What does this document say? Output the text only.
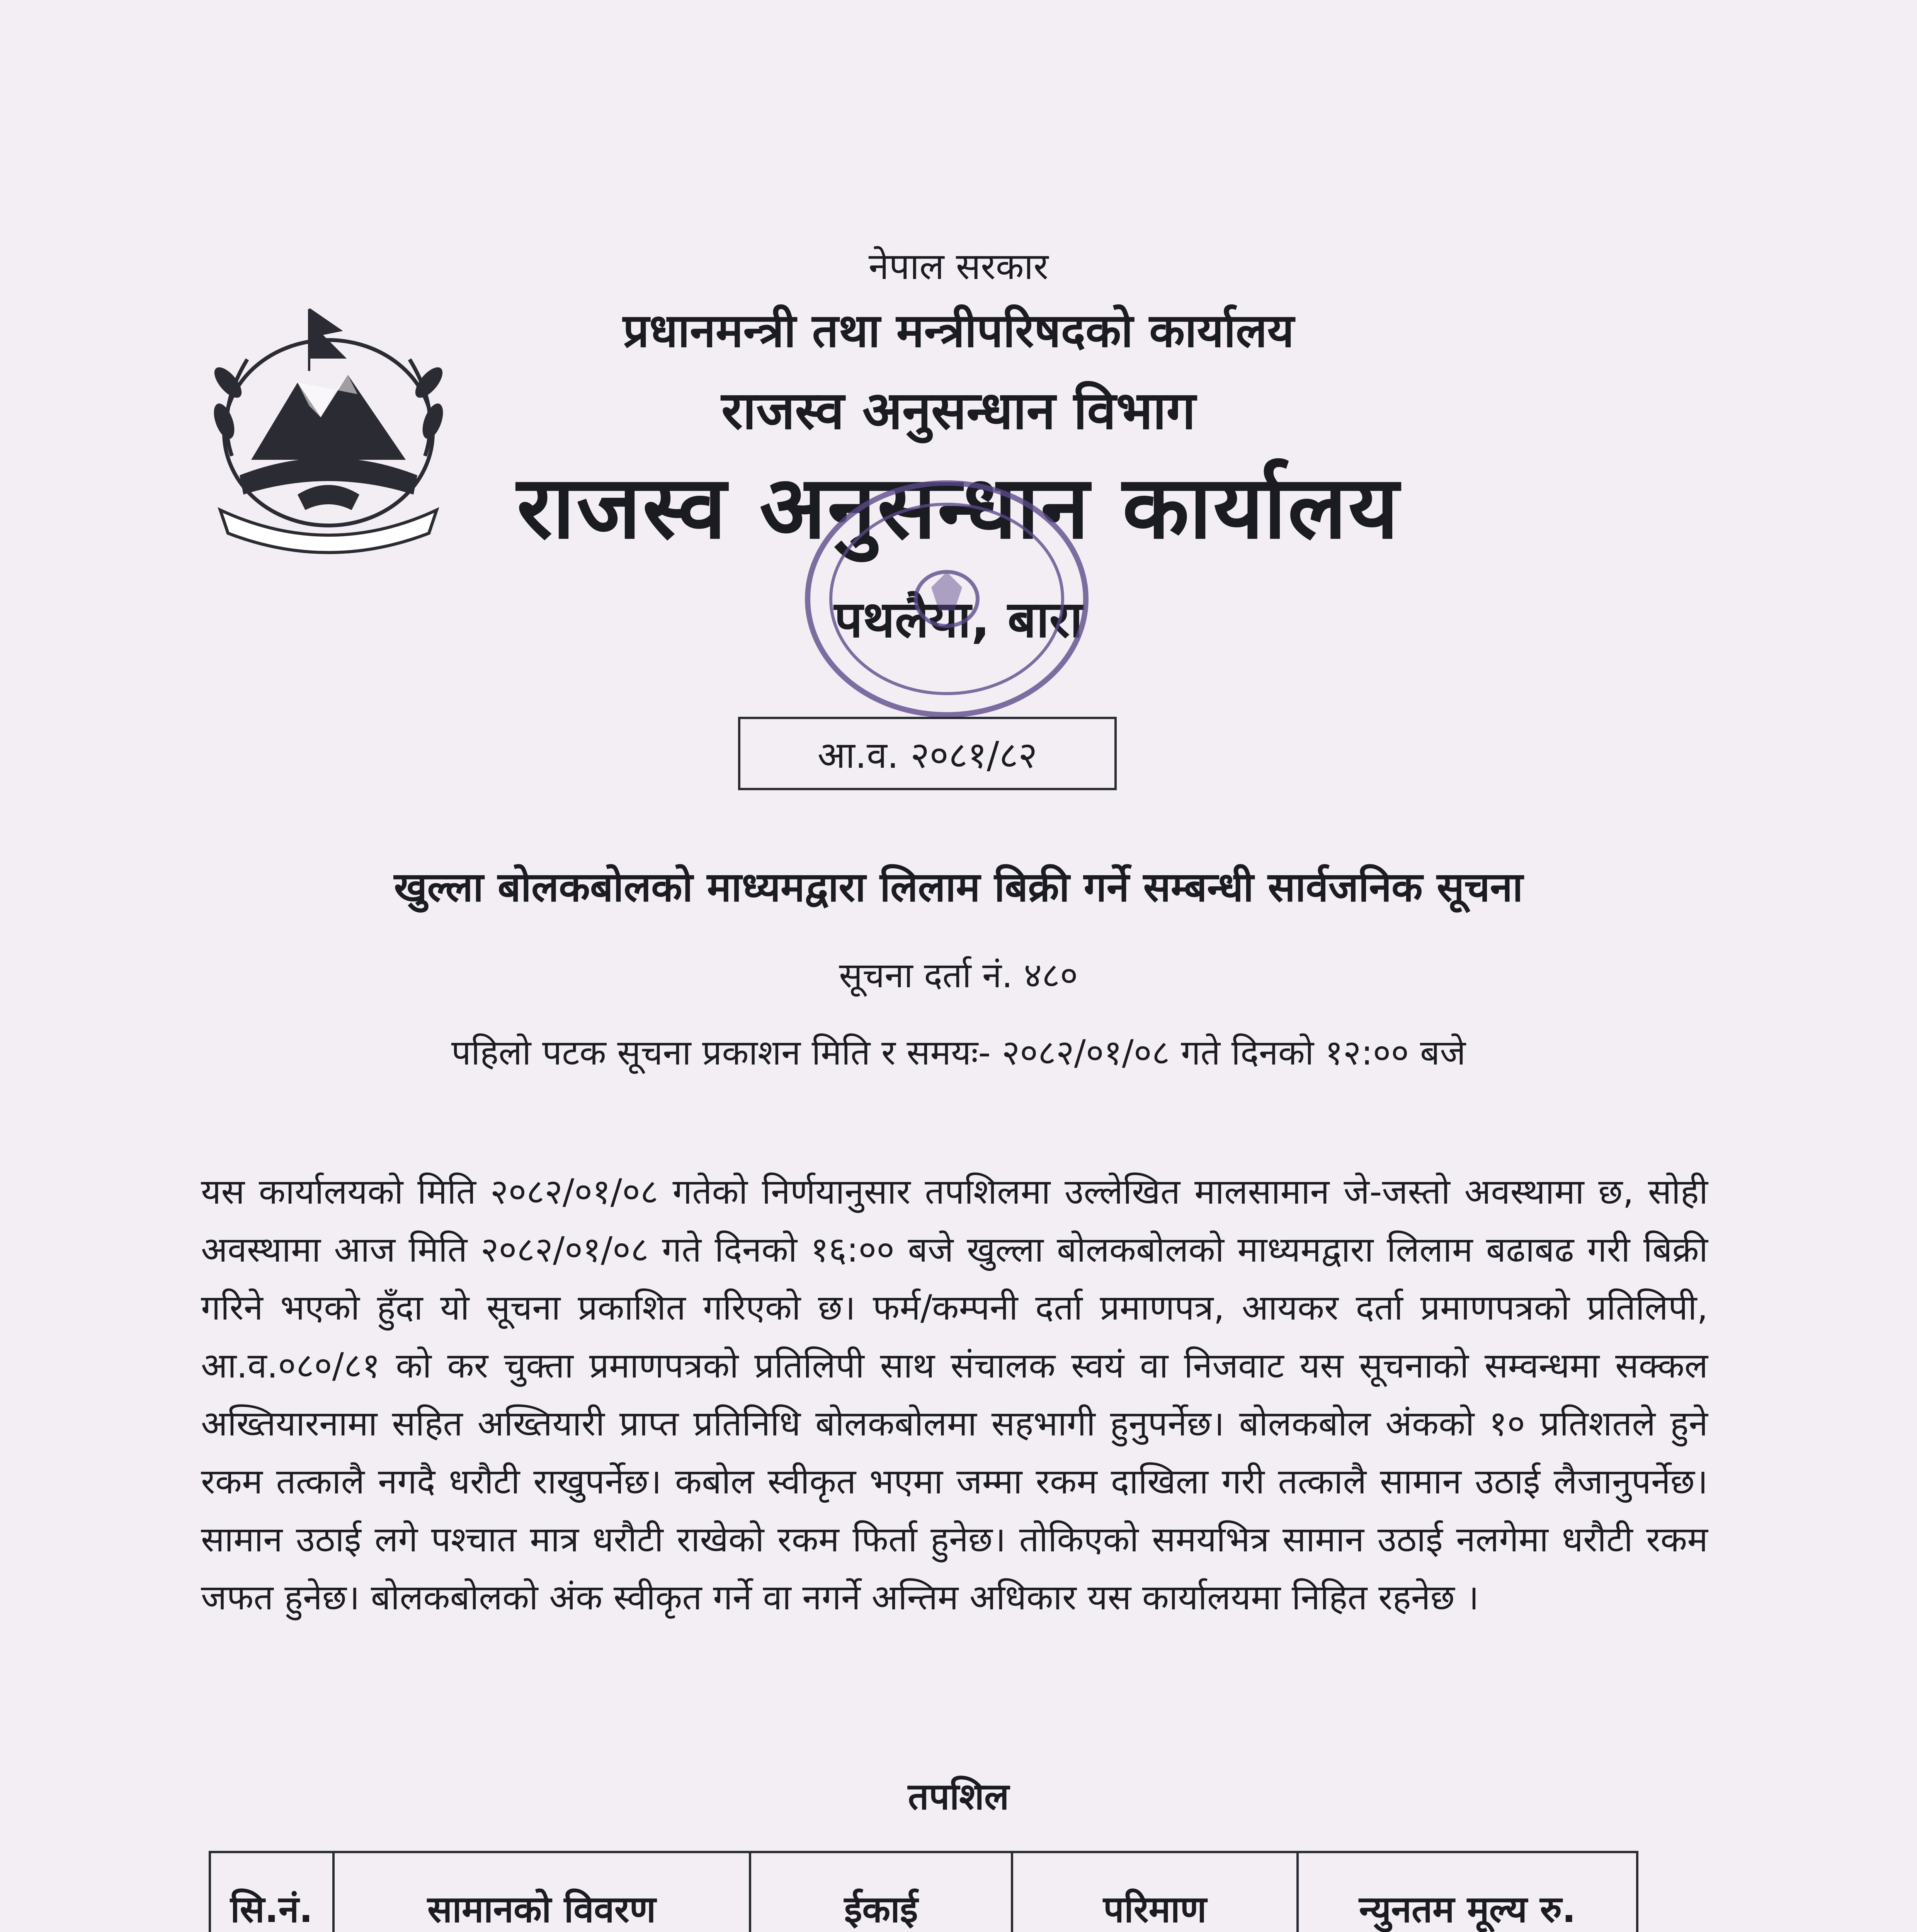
नेपाल सरकार
प्रधानमन्त्री तथा मन्त्रीपरिषदको कार्यालय
राजस्व अनुसन्धान विभाग
राजस्व अनुसन्धान कार्यालय
पथलैया, बारा
आ.व. २०८१/८२
खुल्ला बोलकबोलको माध्यमद्वारा लिलाम बिक्री गर्ने सम्बन्धी सार्वजनिक सूचना
सूचना दर्ता नं. ४८०
पहिलो पटक सूचना प्रकाशन मिति र समयः- २०८२/०१/०८ गते दिनको १२:०० बजे
यस कार्यालयको मिति २०८२/०१/०८ गतेको निर्णयानुसार तपशिलमा उल्लेखित मालसामान जे-जस्तो अवस्थामा छ, सोही अवस्थामा आज मिति २०८२/०१/०८ गते दिनको १६:०० बजे खुल्ला बोलकबोलको माध्यमद्वारा लिलाम बढाबढ गरी बिक्री गरिने भएको हुँदा यो सूचना प्रकाशित गरिएको छ। फर्म/कम्पनी दर्ता प्रमाणपत्र, आयकर दर्ता प्रमाणपत्रको प्रतिलिपी, आ.व.०८०/८१ को कर चुक्ता प्रमाणपत्रको प्रतिलिपी साथ संचालक स्वयं वा निजवाट यस सूचनाको सम्वन्धमा सक्कल अख्तियारनामा सहित अख्तियारी प्राप्त प्रतिनिधि बोलकबोलमा सहभागी हुनुपर्नेछ। बोलकबोल अंकको १० प्रतिशतले हुने रकम तत्कालै नगदै धरौटी राखुपर्नेछ। कबोल स्वीकृत भएमा जम्मा रकम दाखिला गरी तत्कालै सामान उठाई लैजानुपर्नेछ। सामान उठाई लगे पश्चात मात्र धरौटी राखेको रकम फिर्ता हुनेछ। तोकिएको समयभित्र सामान उठाई नलगेमा धरौटी रकम जफत हुनेछ। बोलकबोलको अंक स्वीकृत गर्ने वा नगर्ने अन्तिम अधिकार यस कार्यालयमा निहित रहनेछ ।
तपशिल
सि.नं.	सामानको विवरण	ईकाई	परिमाण	न्युनतम मूल्य रु.
